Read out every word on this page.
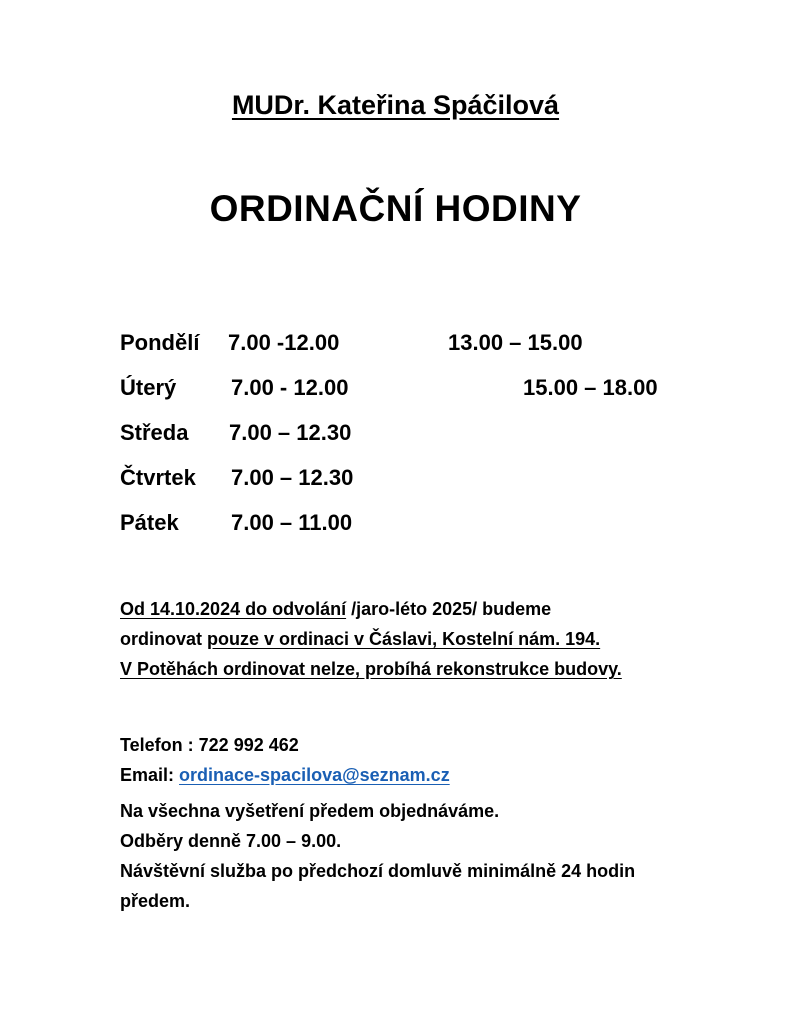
MUDr. Kateřina Spáčilová
ORDINAČNÍ HODINY
Pondělí 7.00 -12.00	13.00 – 15.00
Úterý 7.00 - 12.00	15.00 – 18.00
Středa 7.00 – 12.30
Čtvrtek 7.00 – 12.30
Pátek 7.00 – 11.00
Od 14.10.2024 do odvolání /jaro-léto 2025/ budeme
ordinovat pouze v ordinaci v Čáslavi, Kostelní nám. 194.
V Potěhách ordinovat nelze, probíhá rekonstrukce budovy.
Telefon : 722 992 462
Email: ordinace-spacilova@seznam.cz
Na všechna vyšetření předem objednáváme.
Odběry denně 7.00 – 9.00.
Návštěvní služba po předchozí domluvě minimálně 24 hodin
předem.
